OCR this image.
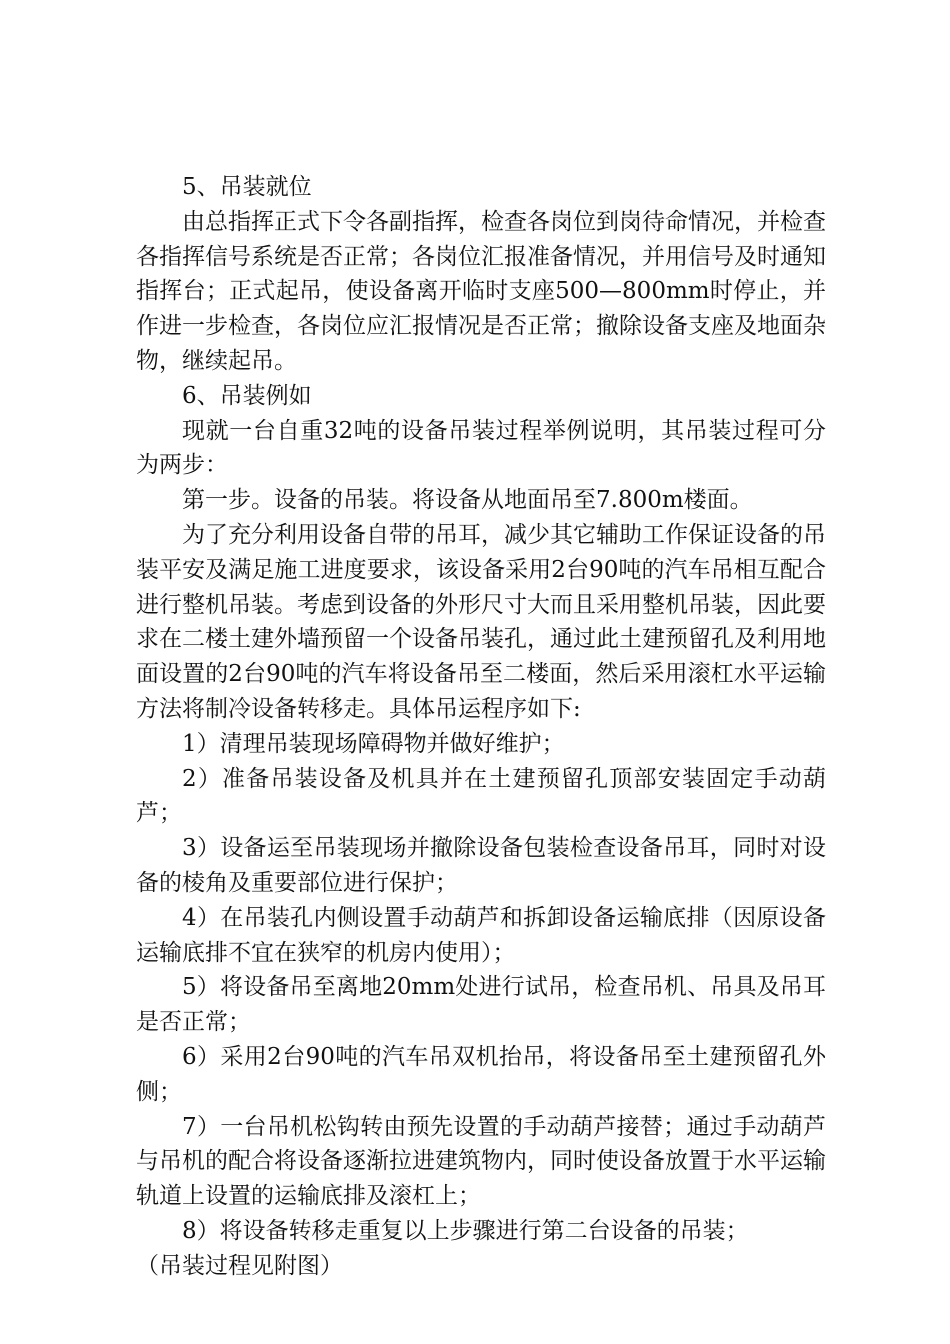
5、吊装就位

由总指挥正式下令各副指挥，检查各岗位到岗待命情况，并检查各指挥信号系统是否正常；各岗位汇报准备情况，并用信号及时通知指挥台；正式起吊，使设备离开临时支座500—800mm时停止，并作进一步检查，各岗位应汇报情况是否正常；撤除设备支座及地面杂物，继续起吊。

6、吊装例如

现就一台自重32吨的设备吊装过程举例说明，其吊装过程可分为两步：

第一步。设备的吊装。将设备从地面吊至7.800m楼面。

为了充分利用设备自带的吊耳，减少其它辅助工作保证设备的吊装平安及满足施工进度要求，该设备采用2台90吨的汽车吊相互配合进行整机吊装。考虑到设备的外形尺寸大而且采用整机吊装，因此要求在二楼土建外墙预留一个设备吊装孔，通过此土建预留孔及利用地面设置的2台90吨的汽车将设备吊至二楼面，然后采用滚杠水平运输方法将制冷设备转移走。具体吊运程序如下:

1）清理吊装现场障碍物并做好维护；

2）准备吊装设备及机具并在土建预留孔顶部安装固定手动葫芦；

3）设备运至吊装现场并撤除设备包装检查设备吊耳，同时对设备的棱角及重要部位进行保护；

4）在吊装孔内侧设置手动葫芦和拆卸设备运输底排（因原设备运输底排不宜在狭窄的机房内使用）；

5）将设备吊至离地20mm处进行试吊，检查吊机、吊具及吊耳是否正常；

6）采用2台90吨的汽车吊双机抬吊，将设备吊至土建预留孔外侧；

7）一台吊机松钩转由预先设置的手动葫芦接替；通过手动葫芦与吊机的配合将设备逐渐拉进建筑物内，同时使设备放置于水平运输轨道上设置的运输底排及滚杠上；

8）将设备转移走重复以上步骤进行第二台设备的吊装；

（吊装过程见附图）
